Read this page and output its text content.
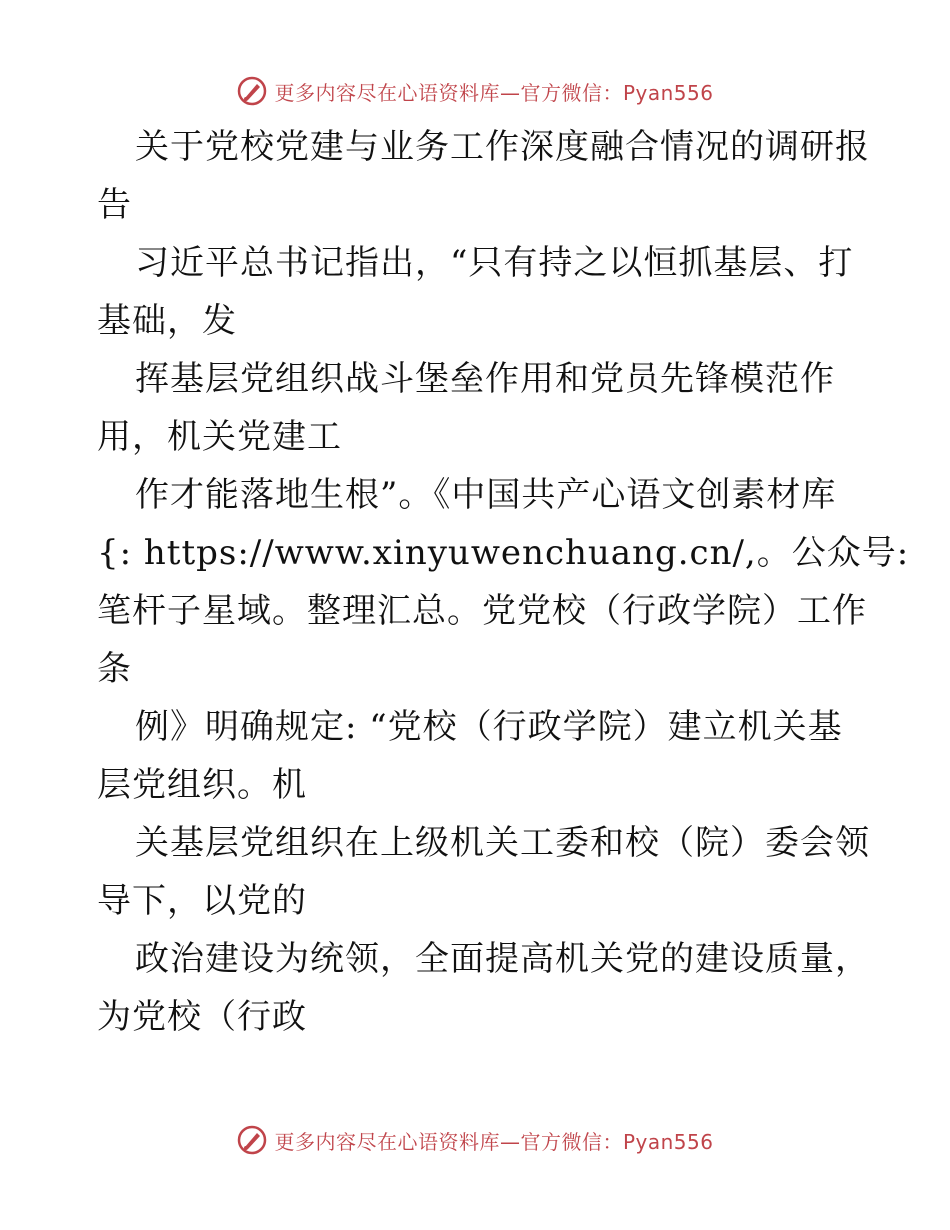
更多内容尽在心语资料库—官方微信：Pyan556
关于党校党建与业务工作深度融合情况的调研报
告
习近平总书记指出，“只有持之以恒抓基层、打
基础，发
挥基层党组织战斗堡垒作用和党员先锋模范作
用，机关党建工
作才能落地生根”。《中国共产心语文创素材库
{: https://www.xinyuwenchuang.cn/,。公众号:
笔杆子星域。整理汇总。党党校（行政学院）工作
条
例》明确规定: “党校（行政学院）建立机关基
层党组织。机
关基层党组织在上级机关工委和校（院）委会领
导下，以党的
政治建设为统领，全面提高机关党的建设质量，
为党校（行政
更多内容尽在心语资料库—官方微信：Pyan556
